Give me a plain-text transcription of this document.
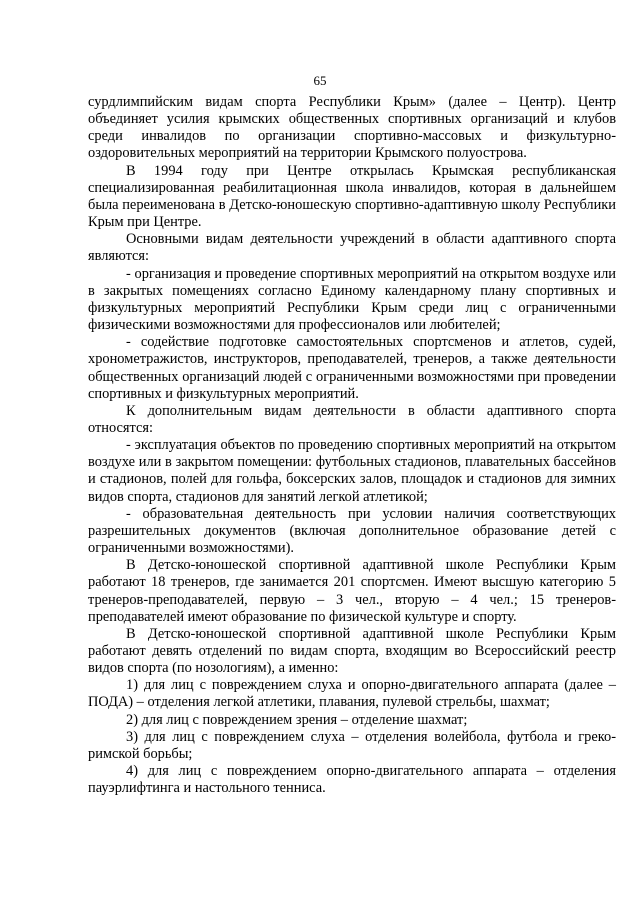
65

сурдлимпийским видам спорта Республики Крым» (далее – Центр). Центр объединяет усилия крымских общественных спортивных организаций и клубов среди инвалидов по организации спортивно-массовых и физкультурно-оздоровительных мероприятий на территории Крымского полуострова.

В 1994 году при Центре открылась Крымская республиканская специализированная реабилитационная школа инвалидов, которая в дальнейшем была переименована в Детско-юношескую спортивно-адаптивную школу Республики Крым при Центре.

Основными видам деятельности учреждений в области адаптивного спорта являются:

- организация и проведение спортивных мероприятий на открытом воздухе или в закрытых помещениях согласно Единому календарному плану спортивных и физкультурных мероприятий Республики Крым среди лиц с ограниченными физическими возможностями для профессионалов или любителей;

- содействие подготовке самостоятельных спортсменов и атлетов, судей, хронометражистов, инструкторов, преподавателей, тренеров, а также деятельности общественных организаций людей с ограниченными возможностями при проведении спортивных и физкультурных мероприятий.

К дополнительным видам деятельности в области адаптивного спорта относятся:

- эксплуатация объектов по проведению спортивных мероприятий на открытом воздухе или в закрытом помещении: футбольных стадионов, плавательных бассейнов и стадионов, полей для гольфа, боксерских залов, площадок и стадионов для зимних видов спорта, стадионов для занятий легкой атлетикой;

- образовательная деятельность при условии наличия соответствующих разрешительных документов (включая дополнительное образование детей с ограниченными возможностями).

В Детско-юношеской спортивной адаптивной школе Республики Крым работают 18 тренеров, где занимается 201 спортсмен. Имеют высшую категорию 5 тренеров-преподавателей, первую – 3 чел., вторую – 4 чел.; 15 тренеров-преподавателей имеют образование по физической культуре и спорту.

В Детско-юношеской спортивной адаптивной школе Республики Крым работают девять отделений по видам спорта, входящим во Всероссийский реестр видов спорта (по нозологиям), а именно:

1) для лиц с повреждением слуха и опорно-двигательного аппарата (далее – ПОДА) – отделения легкой атлетики, плавания, пулевой стрельбы, шахмат;

2) для лиц с повреждением зрения – отделение шахмат;

3) для лиц с повреждением слуха – отделения волейбола, футбола и греко-римской борьбы;

4) для лиц с повреждением опорно-двигательного аппарата – отделения пауэрлифтинга и настольного тенниса.
